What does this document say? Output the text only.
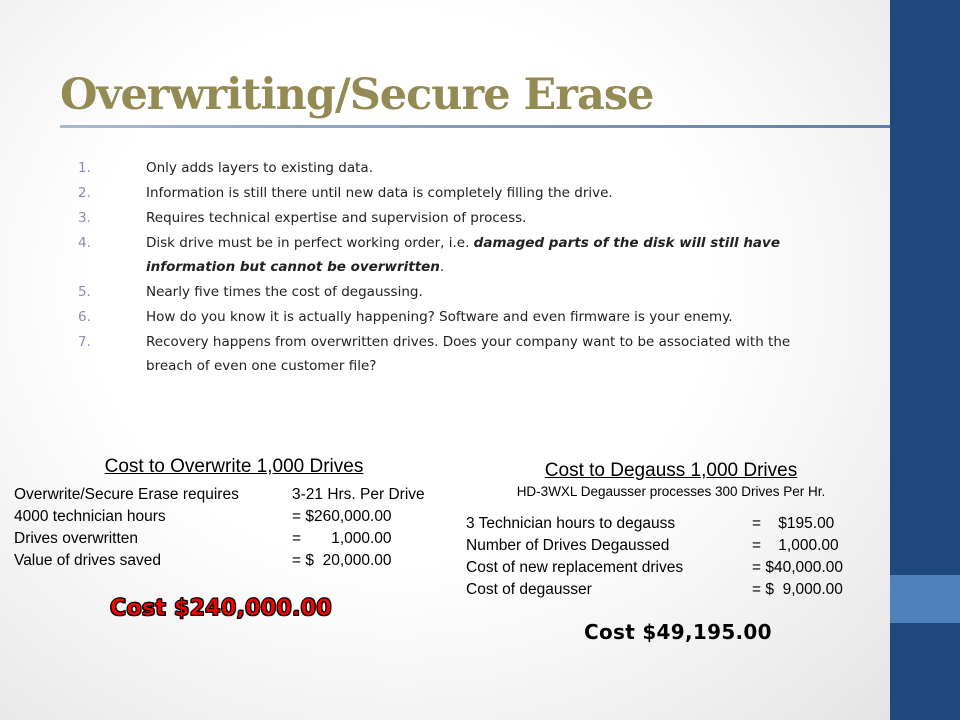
Overwriting/Secure Erase
1.	Only adds layers to existing data.
2.	Information is still there until new data is completely filling the drive.
3.	Requires technical expertise and supervision of process.
4.	Disk drive must be in perfect working order, i.e. damaged parts of the disk will still have information but cannot be overwritten.
5.	Nearly five times the cost of degaussing.
6.	How do you know it is actually happening? Software and even firmware is your enemy.
7.	Recovery happens from overwritten drives. Does your company want to be associated with the breach of even one customer file?

Cost to Overwrite 1,000 Drives

Overwrite/Secure Erase requires	3-21 Hrs. Per Drive
4000 technician hours	= $260,000.00
Drives overwritten	=       1,000.00
Value of drives saved	= $  20,000.00
Cost $240,000.00

Cost to Degauss 1,000 Drives

HD-3WXL Degausser processes 300 Drives Per Hr.

3 Technician hours to degauss	=    $195.00
Number of Drives Degaussed	=    1,000.00
Cost of new replacement drives	= $40,000.00
Cost of degausser	= $  9,000.00
Cost $49,195.00
